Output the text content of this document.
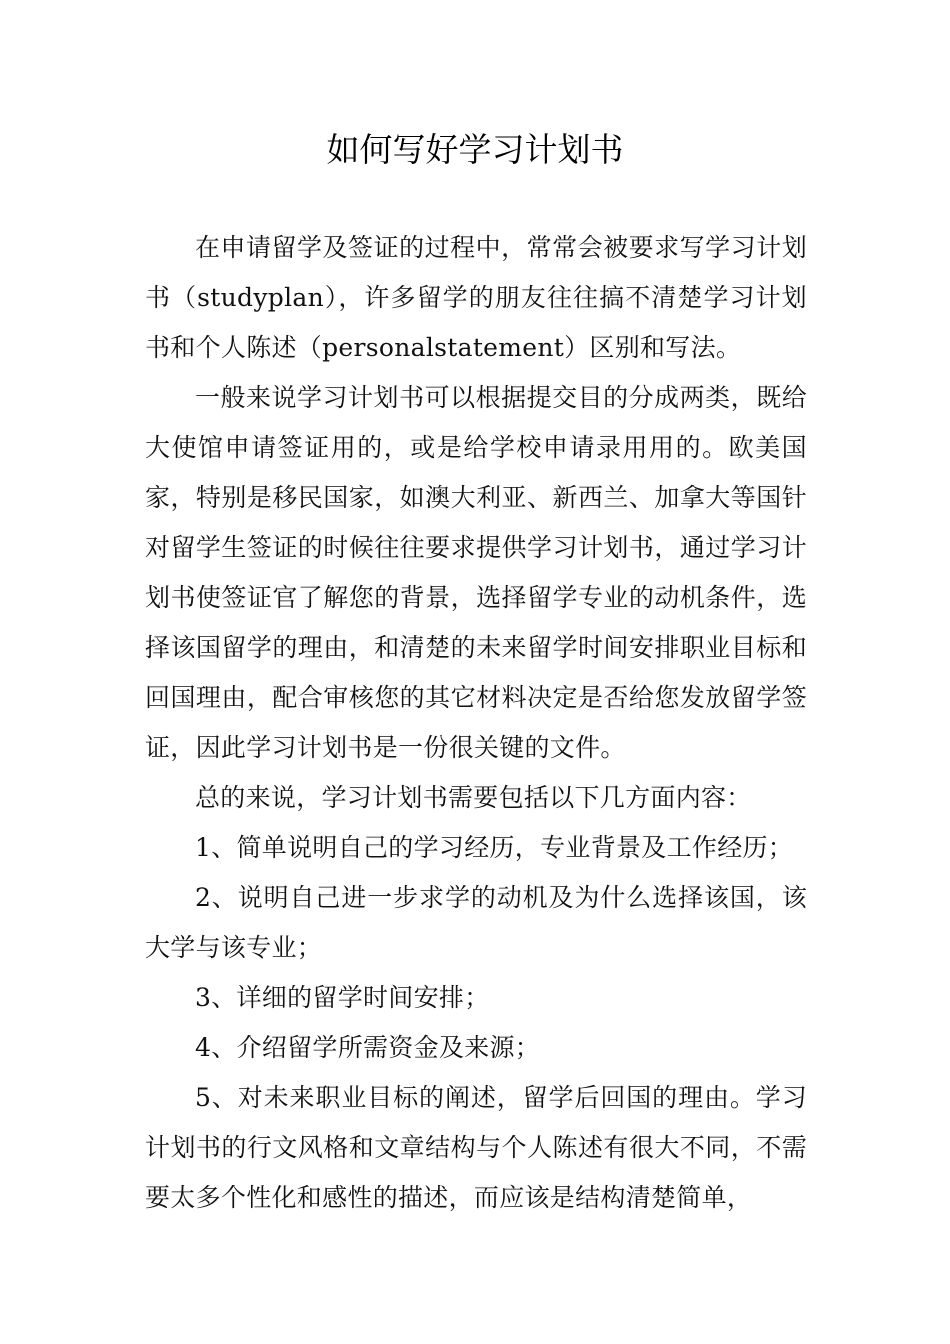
如何写好学习计划书

在申请留学及签证的过程中，常常会被要求写学习计划书（studyplan），许多留学的朋友往往搞不清楚学习计划书和个人陈述（personalstatement）区别和写法。

一般来说学习计划书可以根据提交目的分成两类，既给大使馆申请签证用的，或是给学校申请录用用的。欧美国家，特别是移民国家，如澳大利亚、新西兰、加拿大等国针对留学生签证的时候往往要求提供学习计划书，通过学习计划书使签证官了解您的背景，选择留学专业的动机条件，选择该国留学的理由，和清楚的未来留学时间安排职业目标和回国理由，配合审核您的其它材料决定是否给您发放留学签证，因此学习计划书是一份很关键的文件。

总的来说，学习计划书需要包括以下几方面内容：

1、简单说明自己的学习经历，专业背景及工作经历；

2、说明自己进一步求学的动机及为什么选择该国，该大学与该专业；

3、详细的留学时间安排；

4、介绍留学所需资金及来源；

5、对未来职业目标的阐述，留学后回国的理由。学习计划书的行文风格和文章结构与个人陈述有很大不同，不需要太多个性化和感性的描述，而应该是结构清楚简单，
